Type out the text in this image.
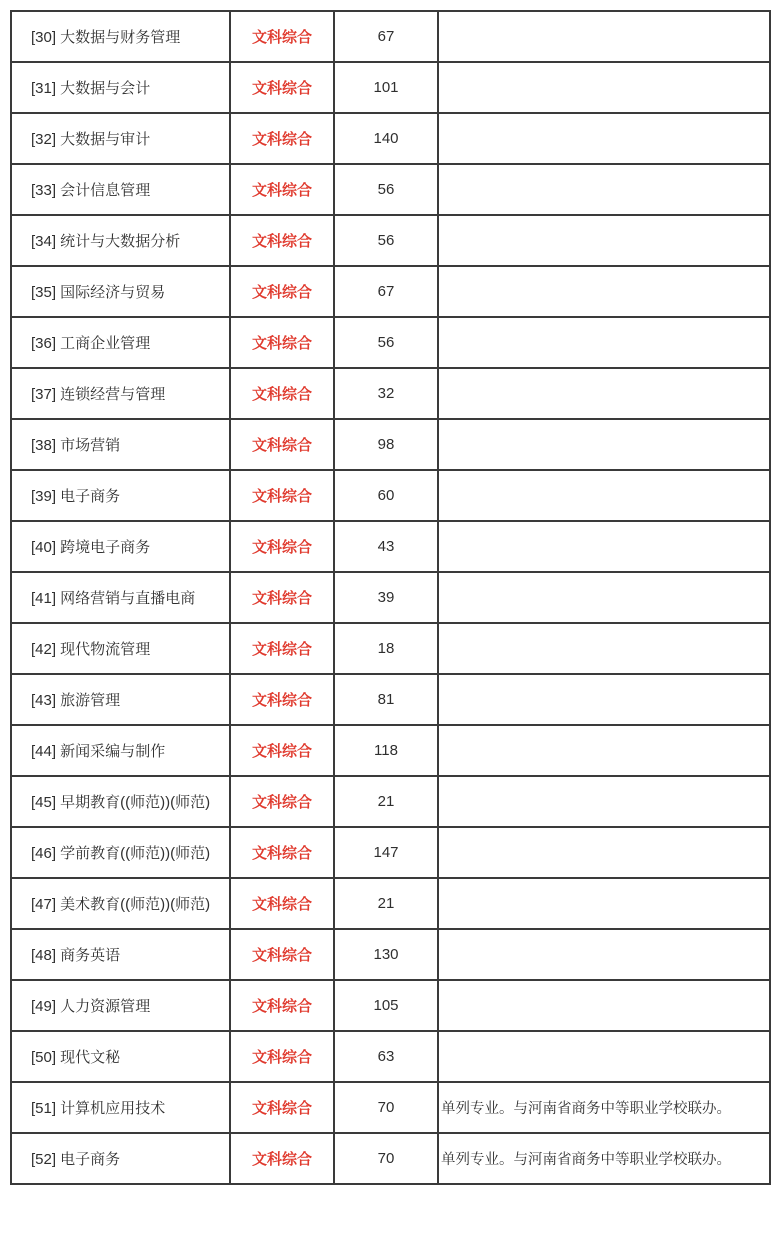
[30] 大数据与财务管理	文科综合	67	
[31] 大数据与会计	文科综合	101	
[32] 大数据与审计	文科综合	140	
[33] 会计信息管理	文科综合	56	
[34] 统计与大数据分析	文科综合	56	
[35] 国际经济与贸易	文科综合	67	
[36] 工商企业管理	文科综合	56	
[37] 连锁经营与管理	文科综合	32	
[38] 市场营销	文科综合	98	
[39] 电子商务	文科综合	60	
[40] 跨境电子商务	文科综合	43	
[41] 网络营销与直播电商	文科综合	39	
[42] 现代物流管理	文科综合	18	
[43] 旅游管理	文科综合	81	
[44] 新闻采编与制作	文科综合	118	
[45] 早期教育((师范))(师范)	文科综合	21	
[46] 学前教育((师范))(师范)	文科综合	147	
[47] 美术教育((师范))(师范)	文科综合	21	
[48] 商务英语	文科综合	130	
[49] 人力资源管理	文科综合	105	
[50] 现代文秘	文科综合	63	
[51] 计算机应用技术	文科综合	70	单列专业。与河南省商务中等职业学校联办。
[52] 电子商务	文科综合	70	单列专业。与河南省商务中等职业学校联办。
